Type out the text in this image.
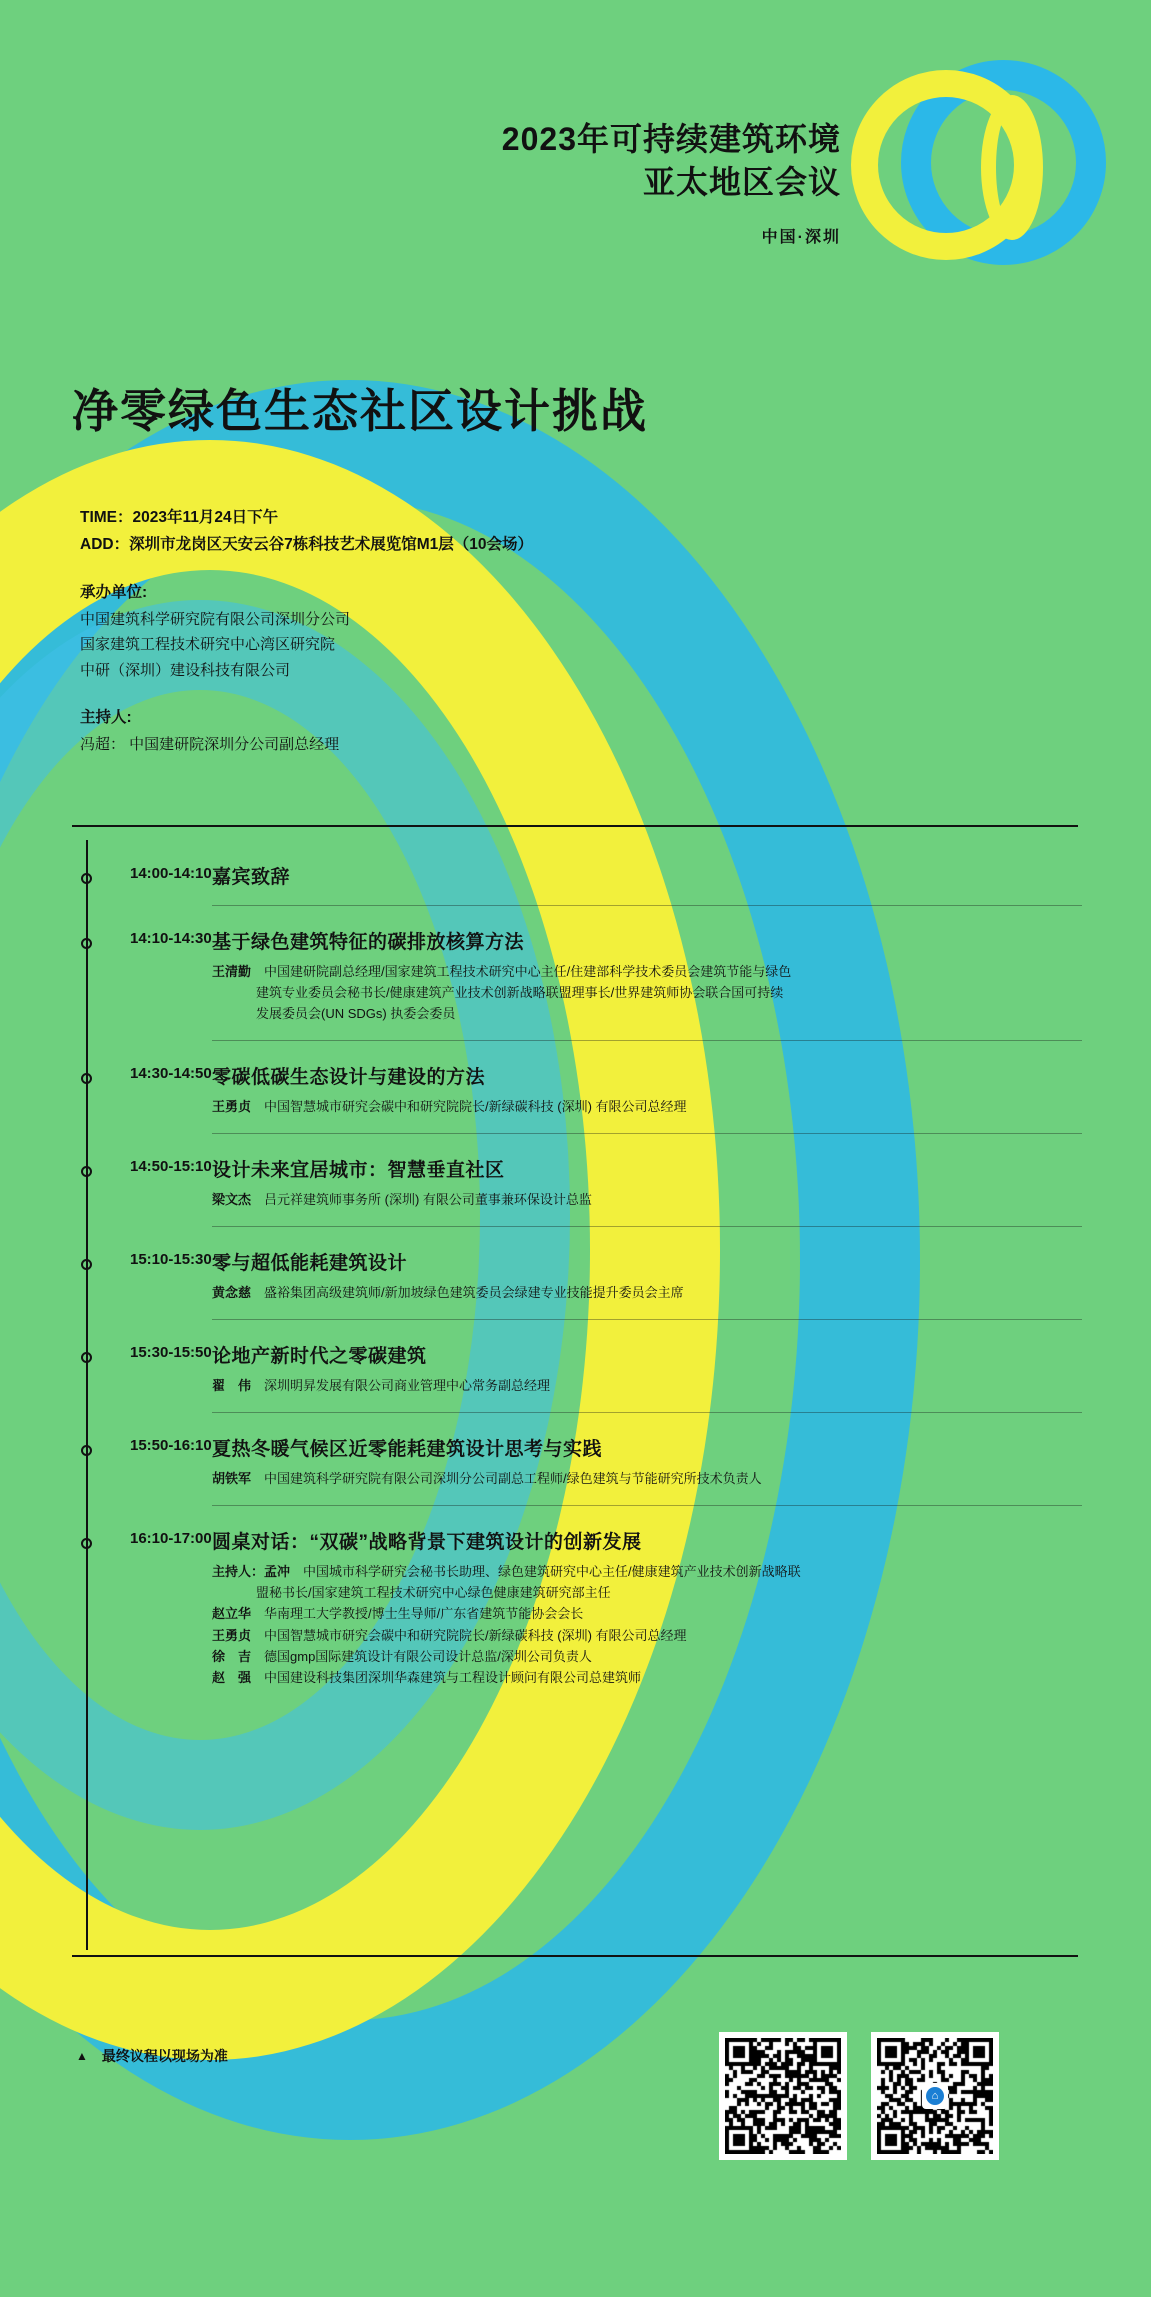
2023年可持续建筑环境
亚太地区会议
中国·深圳
净零绿色生态社区设计挑战
TIME：2023年11月24日下午
ADD：深圳市龙岗区天安云谷7栋科技艺术展览馆M1层（10会场）
承办单位:
中国建筑科学研究院有限公司深圳分公司
国家建筑工程技术研究中心湾区研究院
中研（深圳）建设科技有限公司
主持人:
冯超： 中国建研院深圳分公司副总经理
14:00-14:10 嘉宾致辞
14:10-14:30 基于绿色建筑特征的碳排放核算方法
王清勤　中国建研院副总经理/国家建筑工程技术研究中心主任/住建部科学技术委员会建筑节能与绿色
建筑专业委员会秘书长/健康建筑产业技术创新战略联盟理事长/世界建筑师协会联合国可持续
发展委员会(UN SDGs) 执委会委员
14:30-14:50 零碳低碳生态设计与建设的方法
王勇贞　中国智慧城市研究会碳中和研究院院长/新绿碳科技 (深圳) 有限公司总经理
14:50-15:10 设计未来宜居城市：智慧垂直社区
梁文杰　吕元祥建筑师事务所 (深圳) 有限公司董事兼环保设计总监
15:10-15:30 零与超低能耗建筑设计
黄念慈　盛裕集团高级建筑师/新加坡绿色建筑委员会绿建专业技能提升委员会主席
15:30-15:50 论地产新时代之零碳建筑
翟　伟　深圳明昇发展有限公司商业管理中心常务副总经理
15:50-16:10 夏热冬暖气候区近零能耗建筑设计思考与实践
胡铁军　中国建筑科学研究院有限公司深圳分公司副总工程师/绿色建筑与节能研究所技术负责人
16:10-17:00 圆桌对话：“双碳”战略背景下建筑设计的创新发展
主持人：孟冲　中国城市科学研究会秘书长助理、绿色建筑研究中心主任/健康建筑产业技术创新战略联
盟秘书长/国家建筑工程技术研究中心绿色健康建筑研究部主任
赵立华　华南理工大学教授/博士生导师/广东省建筑节能协会会长
王勇贞　中国智慧城市研究会碳中和研究院院长/新绿碳科技 (深圳) 有限公司总经理
徐　吉　德国gmp国际建筑设计有限公司设计总监/深圳公司负责人
赵　强　中国建设科技集团深圳华森建筑与工程设计顾问有限公司总建筑师
▲ 最终议程以现场为准
⌂
